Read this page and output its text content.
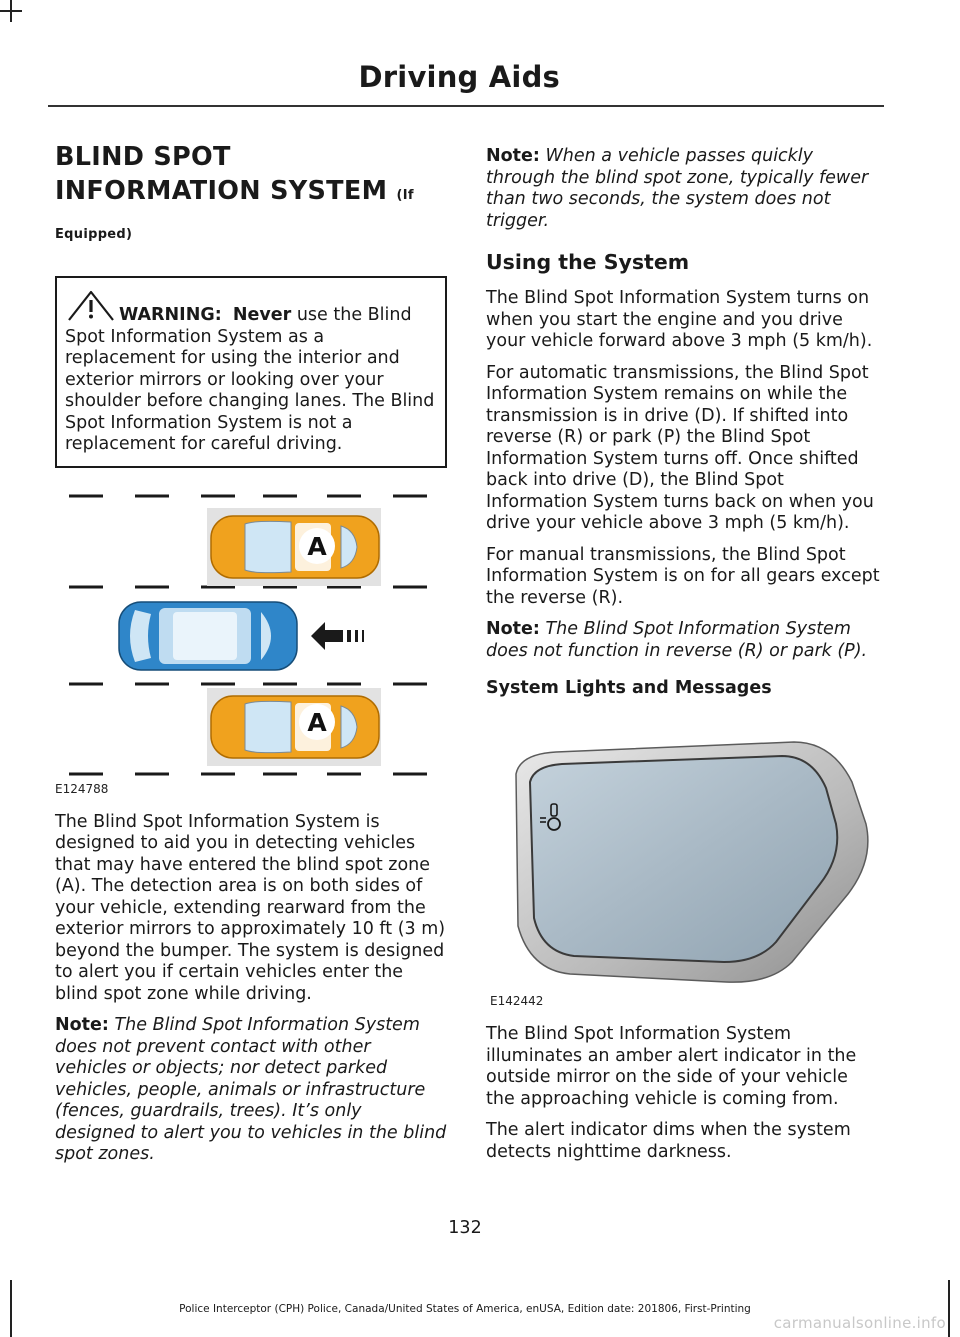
Driving Aids
BLIND SPOT INFORMATION SYSTEM (If Equipped)
WARNING: Never use the Blind Spot Information System as a replacement for using the interior and exterior mirrors or looking over your shoulder before changing lanes. The Blind Spot Information System is not a replacement for careful driving.
A
A
E124788

The Blind Spot Information System is designed to aid you in detecting vehicles that may have entered the blind spot zone (A). The detection area is on both sides of your vehicle, extending rearward from the exterior mirrors to approximately 10 ft (3 m) beyond the bumper. The system is designed to alert you if certain vehicles enter the blind spot zone while driving.

Note: The Blind Spot Information System does not prevent contact with other vehicles or objects; nor detect parked vehicles, people, animals or infrastructure (fences, guardrails, trees). It’s only designed to alert you to vehicles in the blind spot zones.

Note: When a vehicle passes quickly through the blind spot zone, typically fewer than two seconds, the system does not trigger.

Using the System

The Blind Spot Information System turns on when you start the engine and you drive your vehicle forward above 3 mph (5 km/h).

For automatic transmissions, the Blind Spot Information System remains on while the transmission is in drive (D). If shifted into reverse (R) or park (P) the Blind Spot Information System turns off. Once shifted back into drive (D), the Blind Spot Information System turns back on when you drive your vehicle above 3 mph (5 km/h).

For manual transmissions, the Blind Spot Information System is on for all gears except the reverse (R).

Note: The Blind Spot Information System does not function in reverse (R) or park (P).

System Lights and Messages
E142442

The Blind Spot Information System illuminates an amber alert indicator in the outside mirror on the side of your vehicle the approaching vehicle is coming from.

The alert indicator dims when the system detects nighttime darkness.

132
Police Interceptor (CPH) Police, Canada/United States of America, enUSA, Edition date: 201806, First-Printing
carmanualsonline.info
